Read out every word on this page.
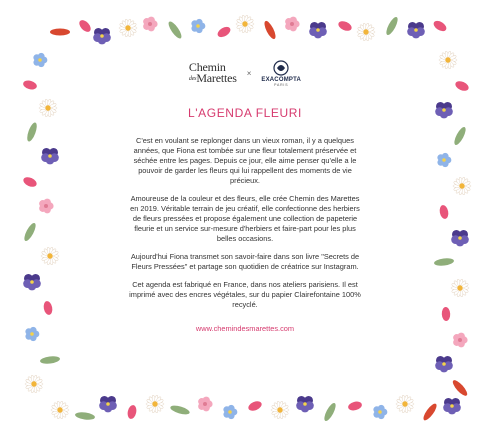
Chemin
desMarettes ×
EXACOMPTA
PARIS
L'AGENDA FLEURI

C'est en voulant se replonger dans un vieux roman, il y a quelques années, que Fiona est tombée sur une fleur totalement préservée et séchée entre les pages. Depuis ce jour, elle aime penser qu'elle a le pouvoir de garder les fleurs qui lui rappellent des moments de vie précieux.

Amoureuse de la couleur et des fleurs, elle crée Chemin des Marettes en 2019. Véritable terrain de jeu créatif, elle confectionne des herbiers de fleurs pressées et propose également une collection de papeterie fleurie et un service sur-mesure d'herbiers et faire-part pour les plus belles occasions.

Aujourd'hui Fiona transmet son savoir-faire dans son livre "Secrets de Fleurs Pressées" et partage son quotidien de créatrice sur Instagram.

Cet agenda est fabriqué en France, dans nos ateliers parisiens. Il est imprimé avec des encres végétales, sur du papier Clairefontaine 100% recyclé.

www.chemindesmarettes.com
